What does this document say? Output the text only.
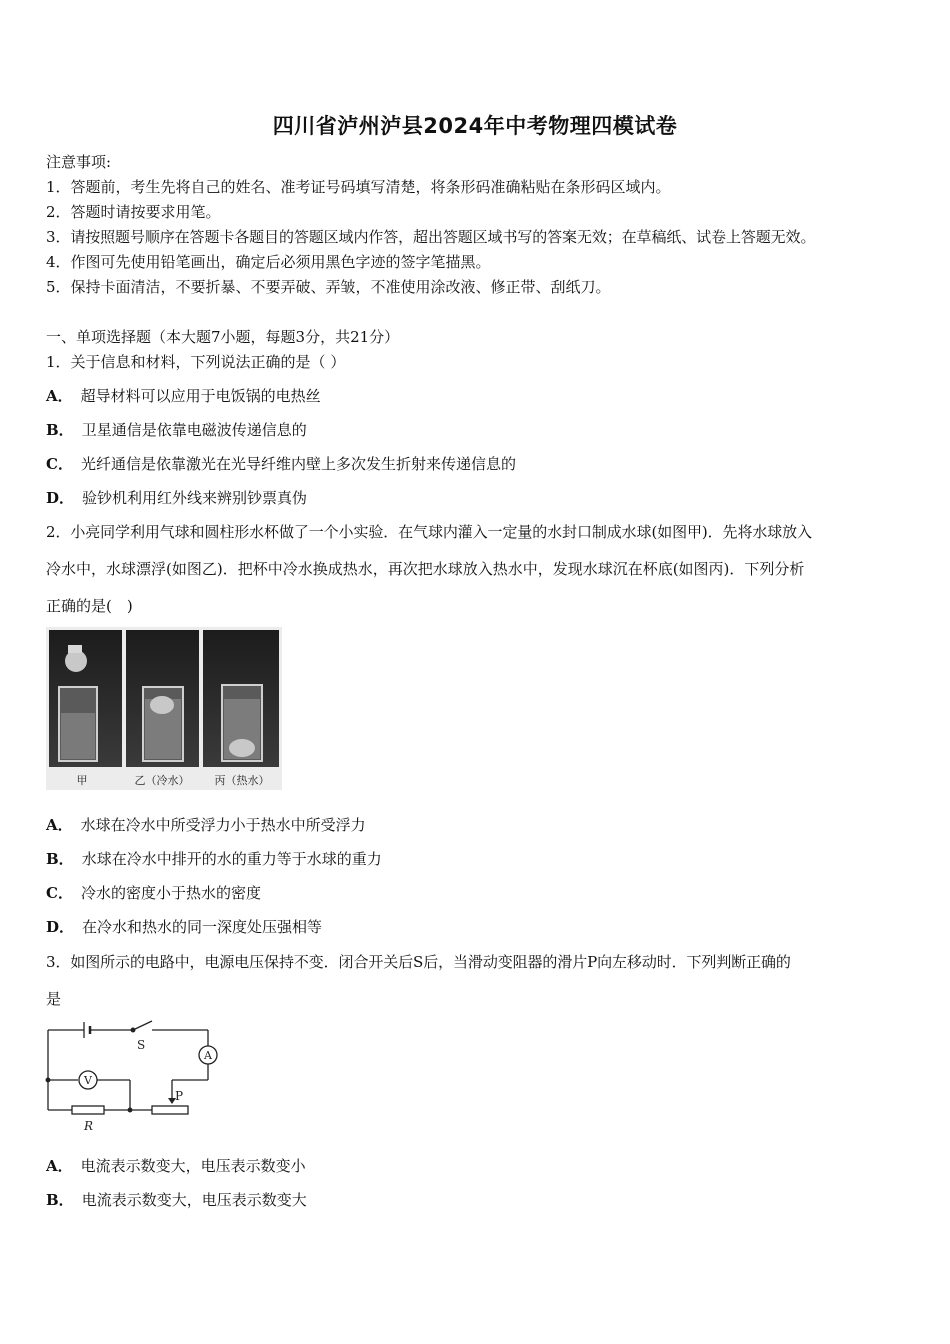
四川省泸州泸县2024年中考物理四模试卷
注意事项:
1．答题前，考生先将自己的姓名、准考证号码填写清楚，将条形码准确粘贴在条形码区域内。
2．答题时请按要求用笔。
3．请按照题号顺序在答题卡各题目的答题区域内作答，超出答题区域书写的答案无效；在草稿纸、试卷上答题无效。
4．作图可先使用铅笔画出，确定后必须用黑色字迹的签字笔描黑。
5．保持卡面清洁，不要折暴、不要弄破、弄皱，不准使用涂改液、修正带、刮纸刀。
一、单项选择题（本大题7小题，每题3分，共21分）
1．关于信息和材料，下列说法正确的是（ ）
A． 超导材料可以应用于电饭锅的电热丝
B． 卫星通信是依靠电磁波传递信息的
C． 光纤通信是依靠激光在光导纤维内壁上多次发生折射来传递信息的
D． 验钞机利用红外线来辨别钞票真伪
2．小亮同学利用气球和圆柱形水杯做了一个小实验．在气球内灌入一定量的水封口制成水球(如图甲)．先将水球放入
冷水中，水球漂浮(如图乙)．把杯中冷水换成热水，再次把水球放入热水中，发现水球沉在杯底(如图丙)．下列分析
正确的是(　)
甲	乙（冷水） 丙（热水）
A． 水球在冷水中所受浮力小于热水中所受浮力
B． 水球在冷水中排开的水的重力等于水球的重力
C． 冷水的密度小于热水的密度
D． 在冷水和热水的同一深度处压强相等
3．如图所示的电路中，电源电压保持不变．闭合开关后S后，当滑动变阻器的滑片P向左移动时．下列判断正确的
是
S
A
P
V
R
A． 电流表示数变大，电压表示数变小
B． 电流表示数变大，电压表示数变大
